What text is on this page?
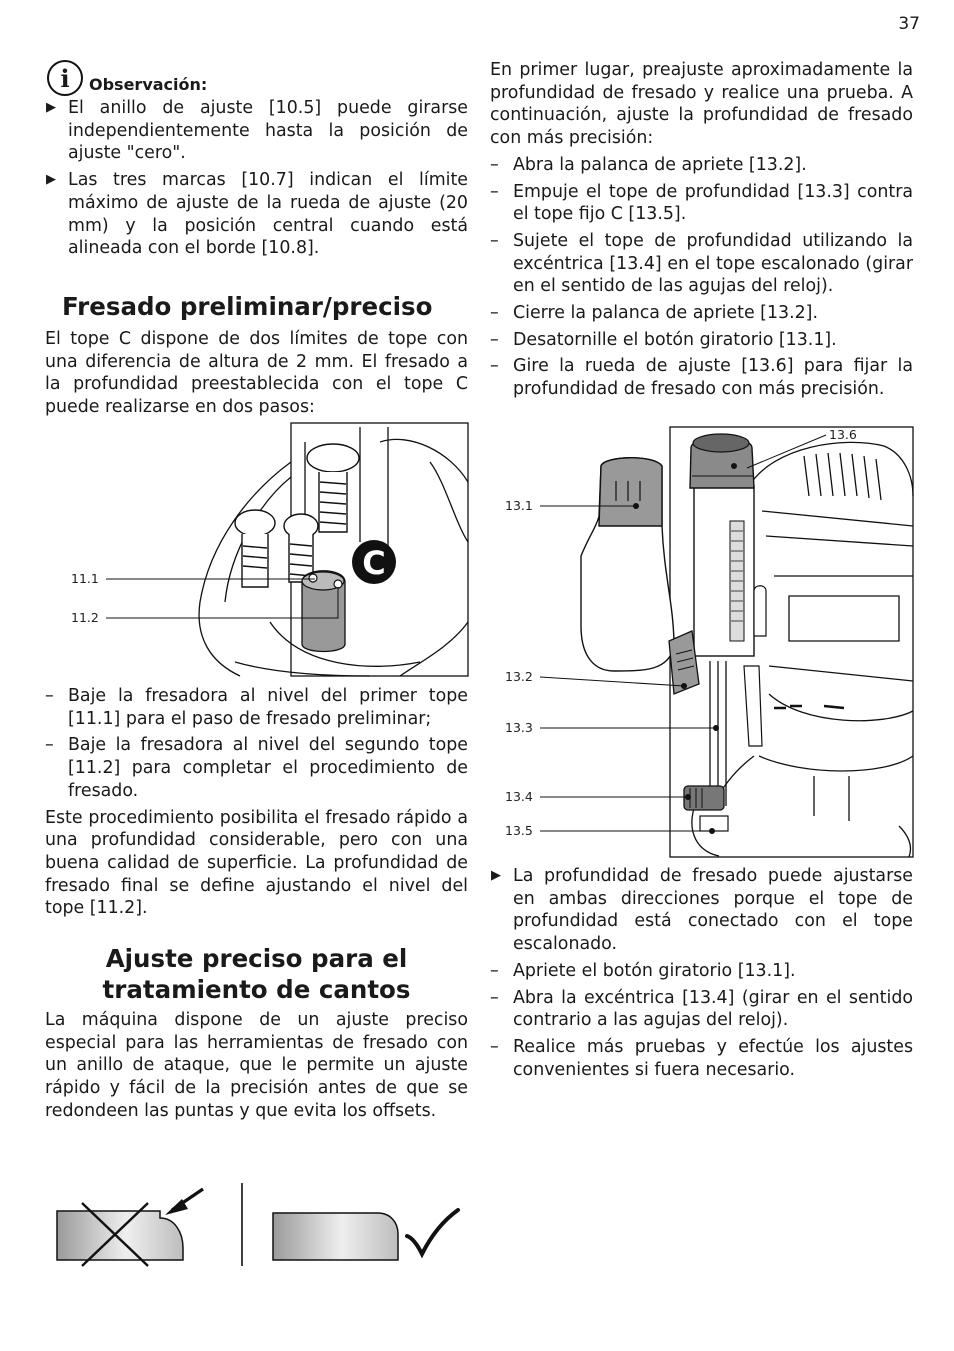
37
i	Observación:
▶ El anillo de ajuste [10.5] puede girarse independientemente hasta la posición de ajuste "cero".
▶ Las tres marcas [10.7] indican el límite máximo de ajuste de la rueda de ajuste (20 mm) y la posición central cuando está alineada con el borde [10.8].
Fresado preliminar/preciso

El tope C dispone de dos límites de tope con una diferencia de altura de 2 mm. El fresado a la profundidad preestablecida con el tope C puede realizarse en dos pasos:

C
11.1
11.2
– Baje la fresadora al nivel del primer tope [11.1] para el paso de fresado preliminar;
– Baje la fresadora al nivel del segundo tope [11.2] para completar el procedimiento de fresado.

Este procedimiento posibilita el fresado rápido a una profundidad considerable, pero con una buena calidad de superficie. La profundidad de fresado final se define ajustando el nivel del tope [11.2].

Ajuste preciso para el
tratamiento de cantos

La máquina dispone de un ajuste preciso especial para las herramientas de fresado con un anillo de ataque, que le permite un ajuste rápido y fácil de la precisión antes de que se redondeen las puntas y que evita los offsets.

En primer lugar, preajuste aproximadamente la profundidad de fresado y realice una prueba. A continuación, ajuste la profundidad de fresado con más precisión:

– Abra la palanca de apriete [13.2].
– Empuje el tope de profundidad [13.3] contra el tope fijo C [13.5].
– Sujete el tope de profundidad utilizando la excéntrica [13.4] en el tope escalonado (girar en el sentido de las agujas del reloj).
– Cierre la palanca de apriete [13.2].
– Desatornille el botón giratorio [13.1].
– Gire la rueda de ajuste [13.6] para fijar la profundidad de fresado con más precisión.
13.6
13.1
13.2
13.3
13.4
13.5
▶ La profundidad de fresado puede ajustarse en ambas direcciones porque el tope de profundidad está conectado con el tope escalonado.
– Apriete el botón giratorio [13.1].
– Abra la excéntrica [13.4] (girar en el sentido contrario a las agujas del reloj).
– Realice más pruebas y efectúe los ajustes convenientes si fuera necesario.
